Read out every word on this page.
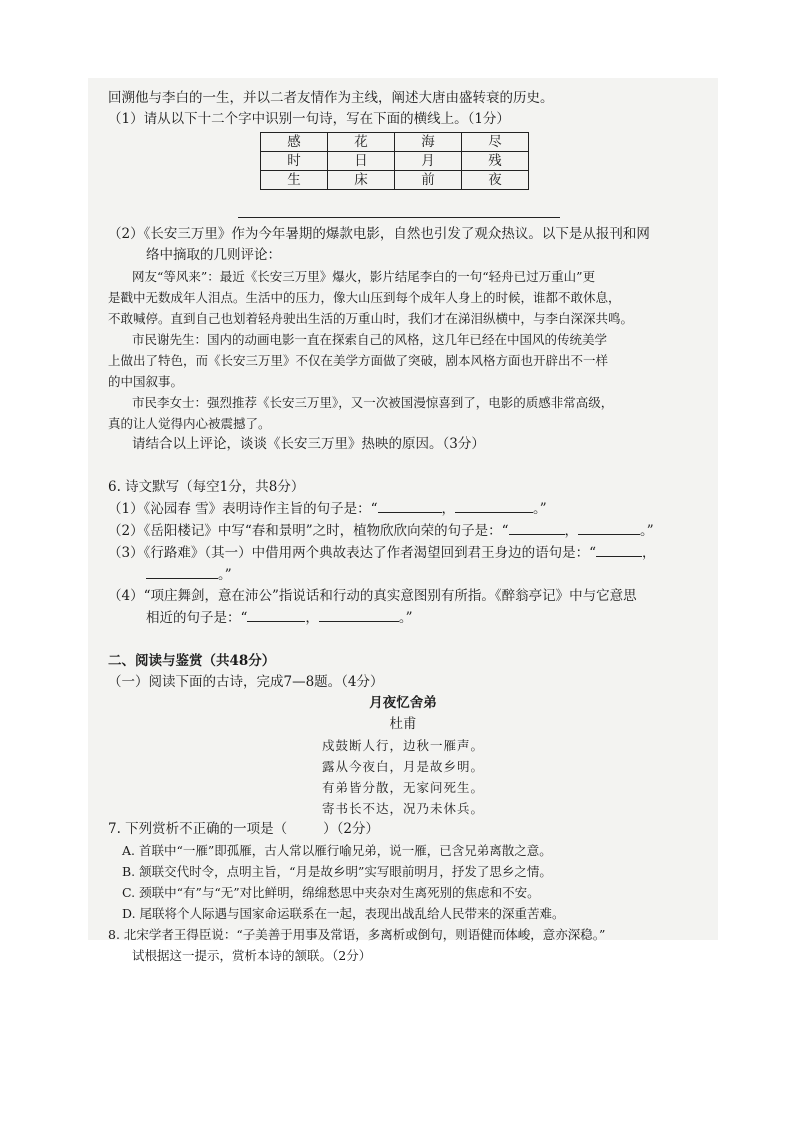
回溯他与李白的一生，并以二者友情作为主线，阐述大唐由盛转衰的历史。
（1）请从以下十二个字中识别一句诗，写在下面的横线上。（1分）
感	花	海	尽
时	日	月	残
生	床	前	夜
（2）《长安三万里》作为今年暑期的爆款电影，自然也引发了观众热议。以下是从报刊和网
络中摘取的几则评论：
网友“等风来”：最近《长安三万里》爆火，影片结尾李白的一句“轻舟已过万重山”更
是戳中无数成年人泪点。生活中的压力，像大山压到每个成年人身上的时候，谁都不敢休息，
不敢喊停。直到自己也划着轻舟驶出生活的万重山时，我们才在涕泪纵横中，与李白深深共鸣。
市民谢先生：国内的动画电影一直在探索自己的风格，这几年已经在中国风的传统美学
上做出了特色，而《长安三万里》不仅在美学方面做了突破，剧本风格方面也开辟出不一样
的中国叙事。
市民李女士：强烈推荐《长安三万里》，又一次被国漫惊喜到了，电影的质感非常高级，
真的让人觉得内心被震撼了。
请结合以上评论，谈谈《长安三万里》热映的原因。（3分）
6. 诗文默写（每空1分，共8分）
（1）《沁园春 雪》表明诗作主旨的句子是：“	，	。”
（2）《岳阳楼记》中写“春和景明”之时，植物欣欣向荣的句子是：“	，	。”
（3）《行路难》（其一）中借用两个典故表达了作者渴望回到君王身边的语句是：“	，
。”
（4）“项庄舞剑，意在沛公”指说话和行动的真实意图别有所指。《醉翁亭记》中与它意思
相近的句子是：“	，	。”
二、阅读与鉴赏（共48分）
（一）阅读下面的古诗，完成7—8题。（4分）
月夜忆舍弟
杜甫
戍鼓断人行，边秋一雁声。
露从今夜白，月是故乡明。
有弟皆分散，无家问死生。
寄书长不达，况乃未休兵。
7. 下列赏析不正确的一项是（	）（2分）
A. 首联中“一雁”即孤雁，古人常以雁行喻兄弟，说一雁，已含兄弟离散之意。
B. 颔联交代时令，点明主旨，“月是故乡明”实写眼前明月，抒发了思乡之情。
C. 颈联中“有”与“无”对比鲜明，绵绵愁思中夹杂对生离死别的焦虑和不安。
D. 尾联将个人际遇与国家命运联系在一起，表现出战乱给人民带来的深重苦难。
8. 北宋学者王得臣说：“子美善于用事及常语，多离析或倒句，则语健而体峻，意亦深稳。”
试根据这一提示，赏析本诗的颔联。（2分）
